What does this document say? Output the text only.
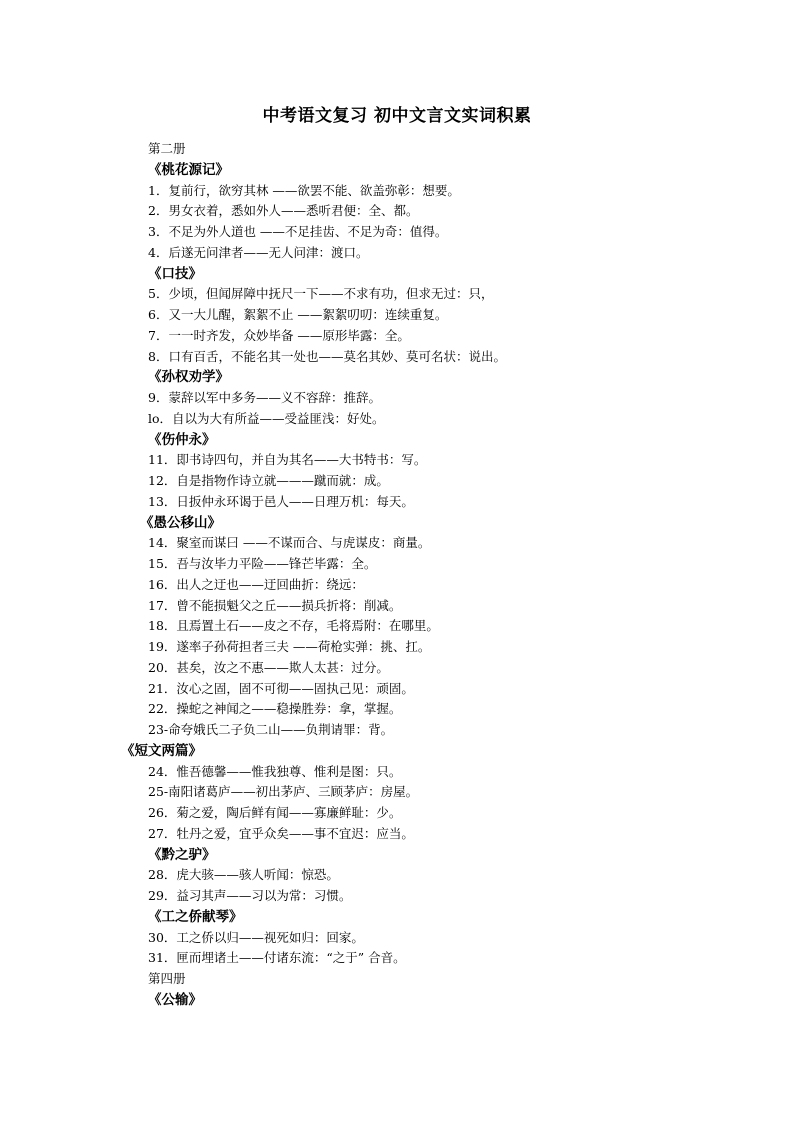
中考语文复习 初中文言文实词积累
第二册
《桃花源记》
1．复前行，欲穷其林 ——欲罢不能、欲盖弥彰：想要。
2．男女衣着，悉如外人——悉听君便：全、都。
3．不足为外人道也 ——不足挂齿、不足为奇：值得。
4．后遂无问津者——无人问津：渡口。
《口技》
5．少顷，但闻屏障中抚尺一下——不求有功，但求无过：只，
6．又一大儿醒，絮絮不止 ——絮絮叨叨：连续重复。
7．一一时齐发，众妙毕备 ——原形毕露：全。
8．口有百舌，不能名其一处也——莫名其妙、莫可名状：说出。
《孙权劝学》
9．蒙辞以军中多务——义不容辞：推辞。
lo．自以为大有所益——受益匪浅：好处。
《伤仲永》
11．即书诗四句，并自为其名——大书特书：写。
12．自是指物作诗立就———蹴而就：成。
13．日扳仲永环谒于邑人——日理万机：每天。
《愚公移山》
14．聚室而谋曰 ——不谋而合、与虎谋皮：商量。
15．吾与汝毕力平险——锋芒毕露：全。
16．出人之迂也——迂回曲折：绕远：
17．曾不能损魁父之丘——损兵折将：削减。
18．且焉置土石——皮之不存，毛将焉附：在哪里。
19．遂率子孙荷担者三夫 ——荷枪实弹：挑、扛。
20．甚矣，汝之不惠——欺人太甚：过分。
21．汝心之固，固不可彻——固执己见：顽固。
22．操蛇之神闻之——稳操胜券：拿，掌握。
23-命夸娥氏二子负二山——负荆请罪：背。
《短文两篇》
24．惟吾德馨——惟我独尊、惟利是图：只。
25-南阳诸葛庐——初出茅庐、三顾茅庐：房屋。
26．菊之爱，陶后鲜有闻——寡廉鲜耻：少。
27．牡丹之爱，宜乎众矣——事不宜迟：应当。
《黔之驴》
28．虎大骇——骇人听闻：惊恐。
29．益习其声——习以为常：习惯。
《工之侨献琴》
30．工之侨以归——视死如归：回家。
31．匣而埋诸土——付诸东流：“之于” 合音。
第四册
《公输》
